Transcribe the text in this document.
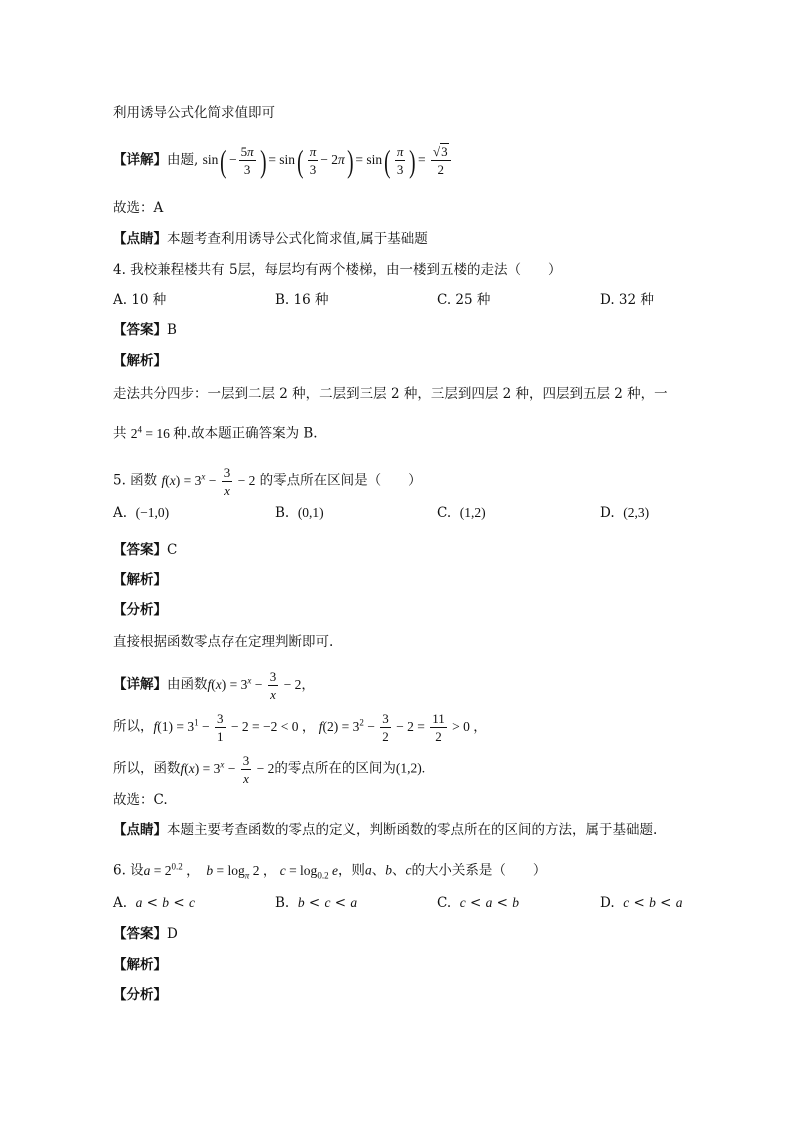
利用诱导公式化简求值即可
【详解】由题, $\sin( - \frac{5\pi}{3}$ ) = $\sin( \frac{\pi}{3} - 2\pi) = \sin( \frac{\pi}{3}$ ) = $\frac{√3}{2}$
故选：A
【点睛】本题考查利用诱导公式化简求值,属于基础题
4. 我校兼程楼共有 5层，每层均有两个楼梯，由一楼到五楼的走法（　　）
A. 10 种	B. 16 种	C. 25 种	D. 32 种
【答案】B
【解析】
走法共分四步：一层到二层 2 种，二层到三层 2 种，三层到四层 2 种，四层到五层 2 种，一
共 $2^4 = 16$ 种.故本题正确答案为 B.
5. 函数 $f(x) = 3^x - \frac{3}{x} - 2$ 的零点所在区间是（　　）
A. (−1,0)	B. (0,1)	C. (1,2)	D. (2,3)
【答案】C
【解析】
【分析】
直接根据函数零点存在定理判断即可.
【详解】由函数$f(x) = 3^x - \frac{3}{x} - 2$，
所以，$f(1) = 3^1 - \frac{3}{1} - 2 = -2 < 0$ ， $f(2) = 3^2 - \frac{3}{2} - 2 = \frac{11}{2} > 0$ ，
所以，函数$f(x) = 3^x - \frac{3}{x} - 2$的零点所在的区间为(1,2).
故选：C.
【点睛】本题主要考查函数的零点的定义，判断函数的零点所在的区间的方法，属于基础题.
6. 设$a = 2^{0.2}$ ，  $b = \log_\pi 2$ ， $c = \log_{0.2} e$，则a、b、c的大小关系是（　　）
A. a < b < c	B. b < c < a	C. c < a < b	D. c < b < a
【答案】D
【解析】
【分析】
